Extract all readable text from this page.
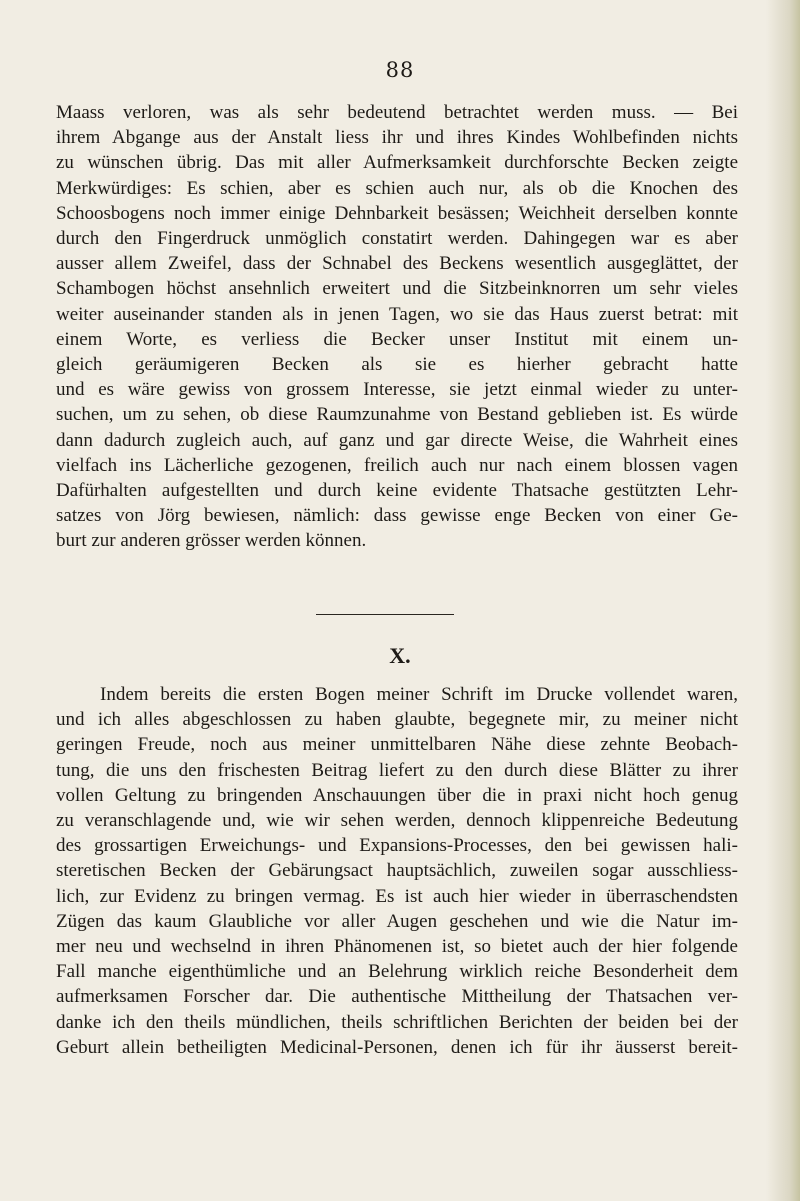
88
Maass verloren, was als sehr bedeutend betrachtet werden muss. — Bei
ihrem Abgange aus der Anstalt liess ihr und ihres Kindes Wohlbefinden nichts
zu wünschen übrig. Das mit aller Aufmerksamkeit durchforschte Becken zeigte
Merkwürdiges: Es schien, aber es schien auch nur, als ob die Knochen des
Schoosbogens noch immer einige Dehnbarkeit besässen; Weichheit derselben konnte
durch den Fingerdruck unmöglich constatirt werden. Dahingegen war es aber
ausser allem Zweifel, dass der Schnabel des Beckens wesentlich ausgeglättet, der
Schambogen höchst ansehnlich erweitert und die Sitzbeinknorren um sehr vieles
weiter auseinander standen als in jenen Tagen, wo sie das Haus zuerst betrat: mit
einem Worte, es verliess die Becker unser Institut mit einem un-
gleich geräumigeren Becken als sie es hierher gebracht hatte
und es wäre gewiss von grossem Interesse, sie jetzt einmal wieder zu unter-
suchen, um zu sehen, ob diese Raumzunahme von Bestand geblieben ist. Es würde
dann dadurch zugleich auch, auf ganz und gar directe Weise, die Wahrheit eines
vielfach ins Lächerliche gezogenen, freilich auch nur nach einem blossen vagen
Dafürhalten aufgestellten und durch keine evidente Thatsache gestützten Lehr-
satzes von Jörg bewiesen, nämlich: dass gewisse enge Becken von einer Ge-
burt zur anderen grösser werden können.
X.
Indem bereits die ersten Bogen meiner Schrift im Drucke vollendet waren,
und ich alles abgeschlossen zu haben glaubte, begegnete mir, zu meiner nicht
geringen Freude, noch aus meiner unmittelbaren Nähe diese zehnte Beobach-
tung, die uns den frischesten Beitrag liefert zu den durch diese Blätter zu ihrer
vollen Geltung zu bringenden Anschauungen über die in praxi nicht hoch genug
zu veranschlagende und, wie wir sehen werden, dennoch klippenreiche Bedeutung
des grossartigen Erweichungs- und Expansions-Processes, den bei gewissen hali-
steretischen Becken der Gebärungsact hauptsächlich, zuweilen sogar ausschliess-
lich, zur Evidenz zu bringen vermag. Es ist auch hier wieder in überraschendsten
Zügen das kaum Glaubliche vor aller Augen geschehen und wie die Natur im-
mer neu und wechselnd in ihren Phänomenen ist, so bietet auch der hier folgende
Fall manche eigenthümliche und an Belehrung wirklich reiche Besonderheit dem
aufmerksamen Forscher dar. Die authentische Mittheilung der Thatsachen ver-
danke ich den theils mündlichen, theils schriftlichen Berichten der beiden bei der
Geburt allein betheiligten Medicinal-Personen, denen ich für ihr äusserst bereit-
